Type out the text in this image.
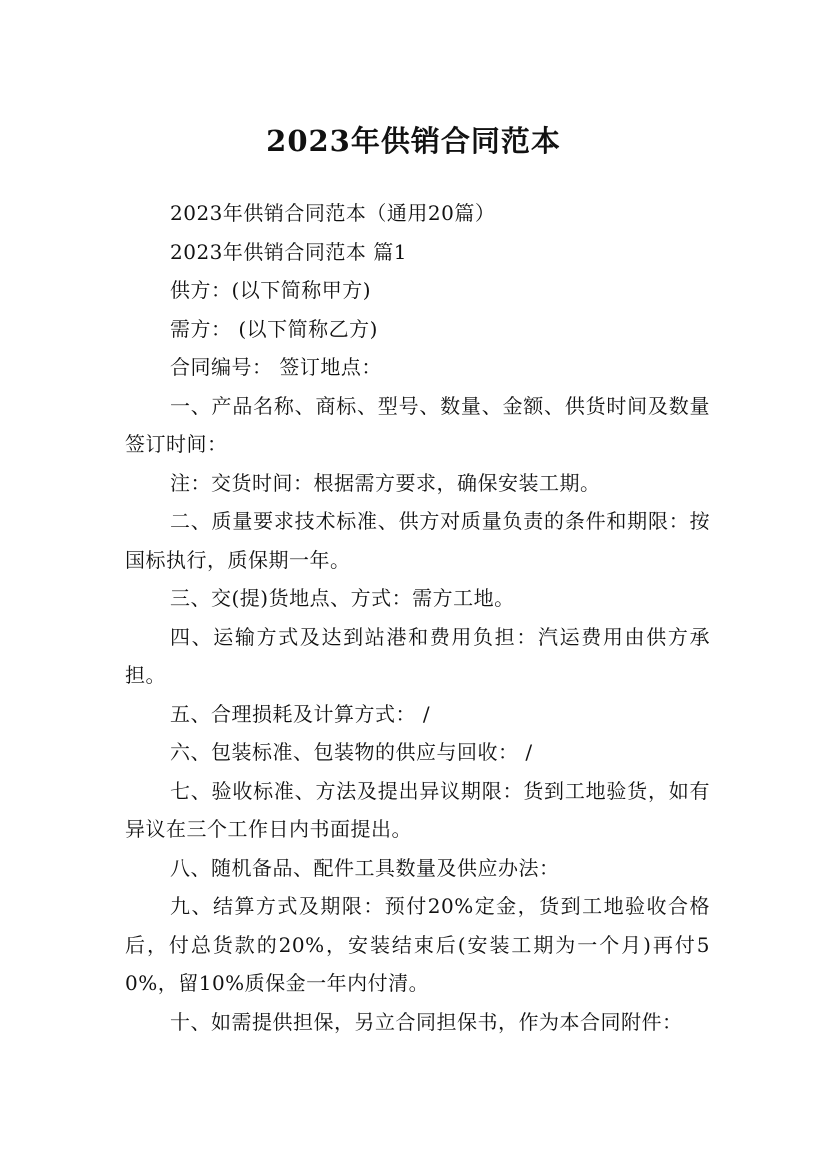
2023年供销合同范本

2023年供销合同范本（通用20篇）

2023年供销合同范本 篇1

供方：(以下简称甲方)

需方： (以下简称乙方)

合同编号： 签订地点：

一、产品名称、商标、型号、数量、金额、供货时间及数量 签订时间：

注：交货时间：根据需方要求，确保安装工期。

二、质量要求技术标准、供方对质量负责的条件和期限：按国标执行，质保期一年。

三、交(提)货地点、方式：需方工地。

四、运输方式及达到站港和费用负担：汽运费用由供方承担。

五、合理损耗及计算方式： /

六、包装标准、包装物的供应与回收： /

七、验收标准、方法及提出异议期限：货到工地验货，如有异议在三个工作日内书面提出。

八、随机备品、配件工具数量及供应办法：

九、结算方式及期限：预付20%定金，货到工地验收合格后，付总货款的20%，安装结束后(安装工期为一个月)再付50%，留10%质保金一年内付清。

十、如需提供担保，另立合同担保书，作为本合同附件：
